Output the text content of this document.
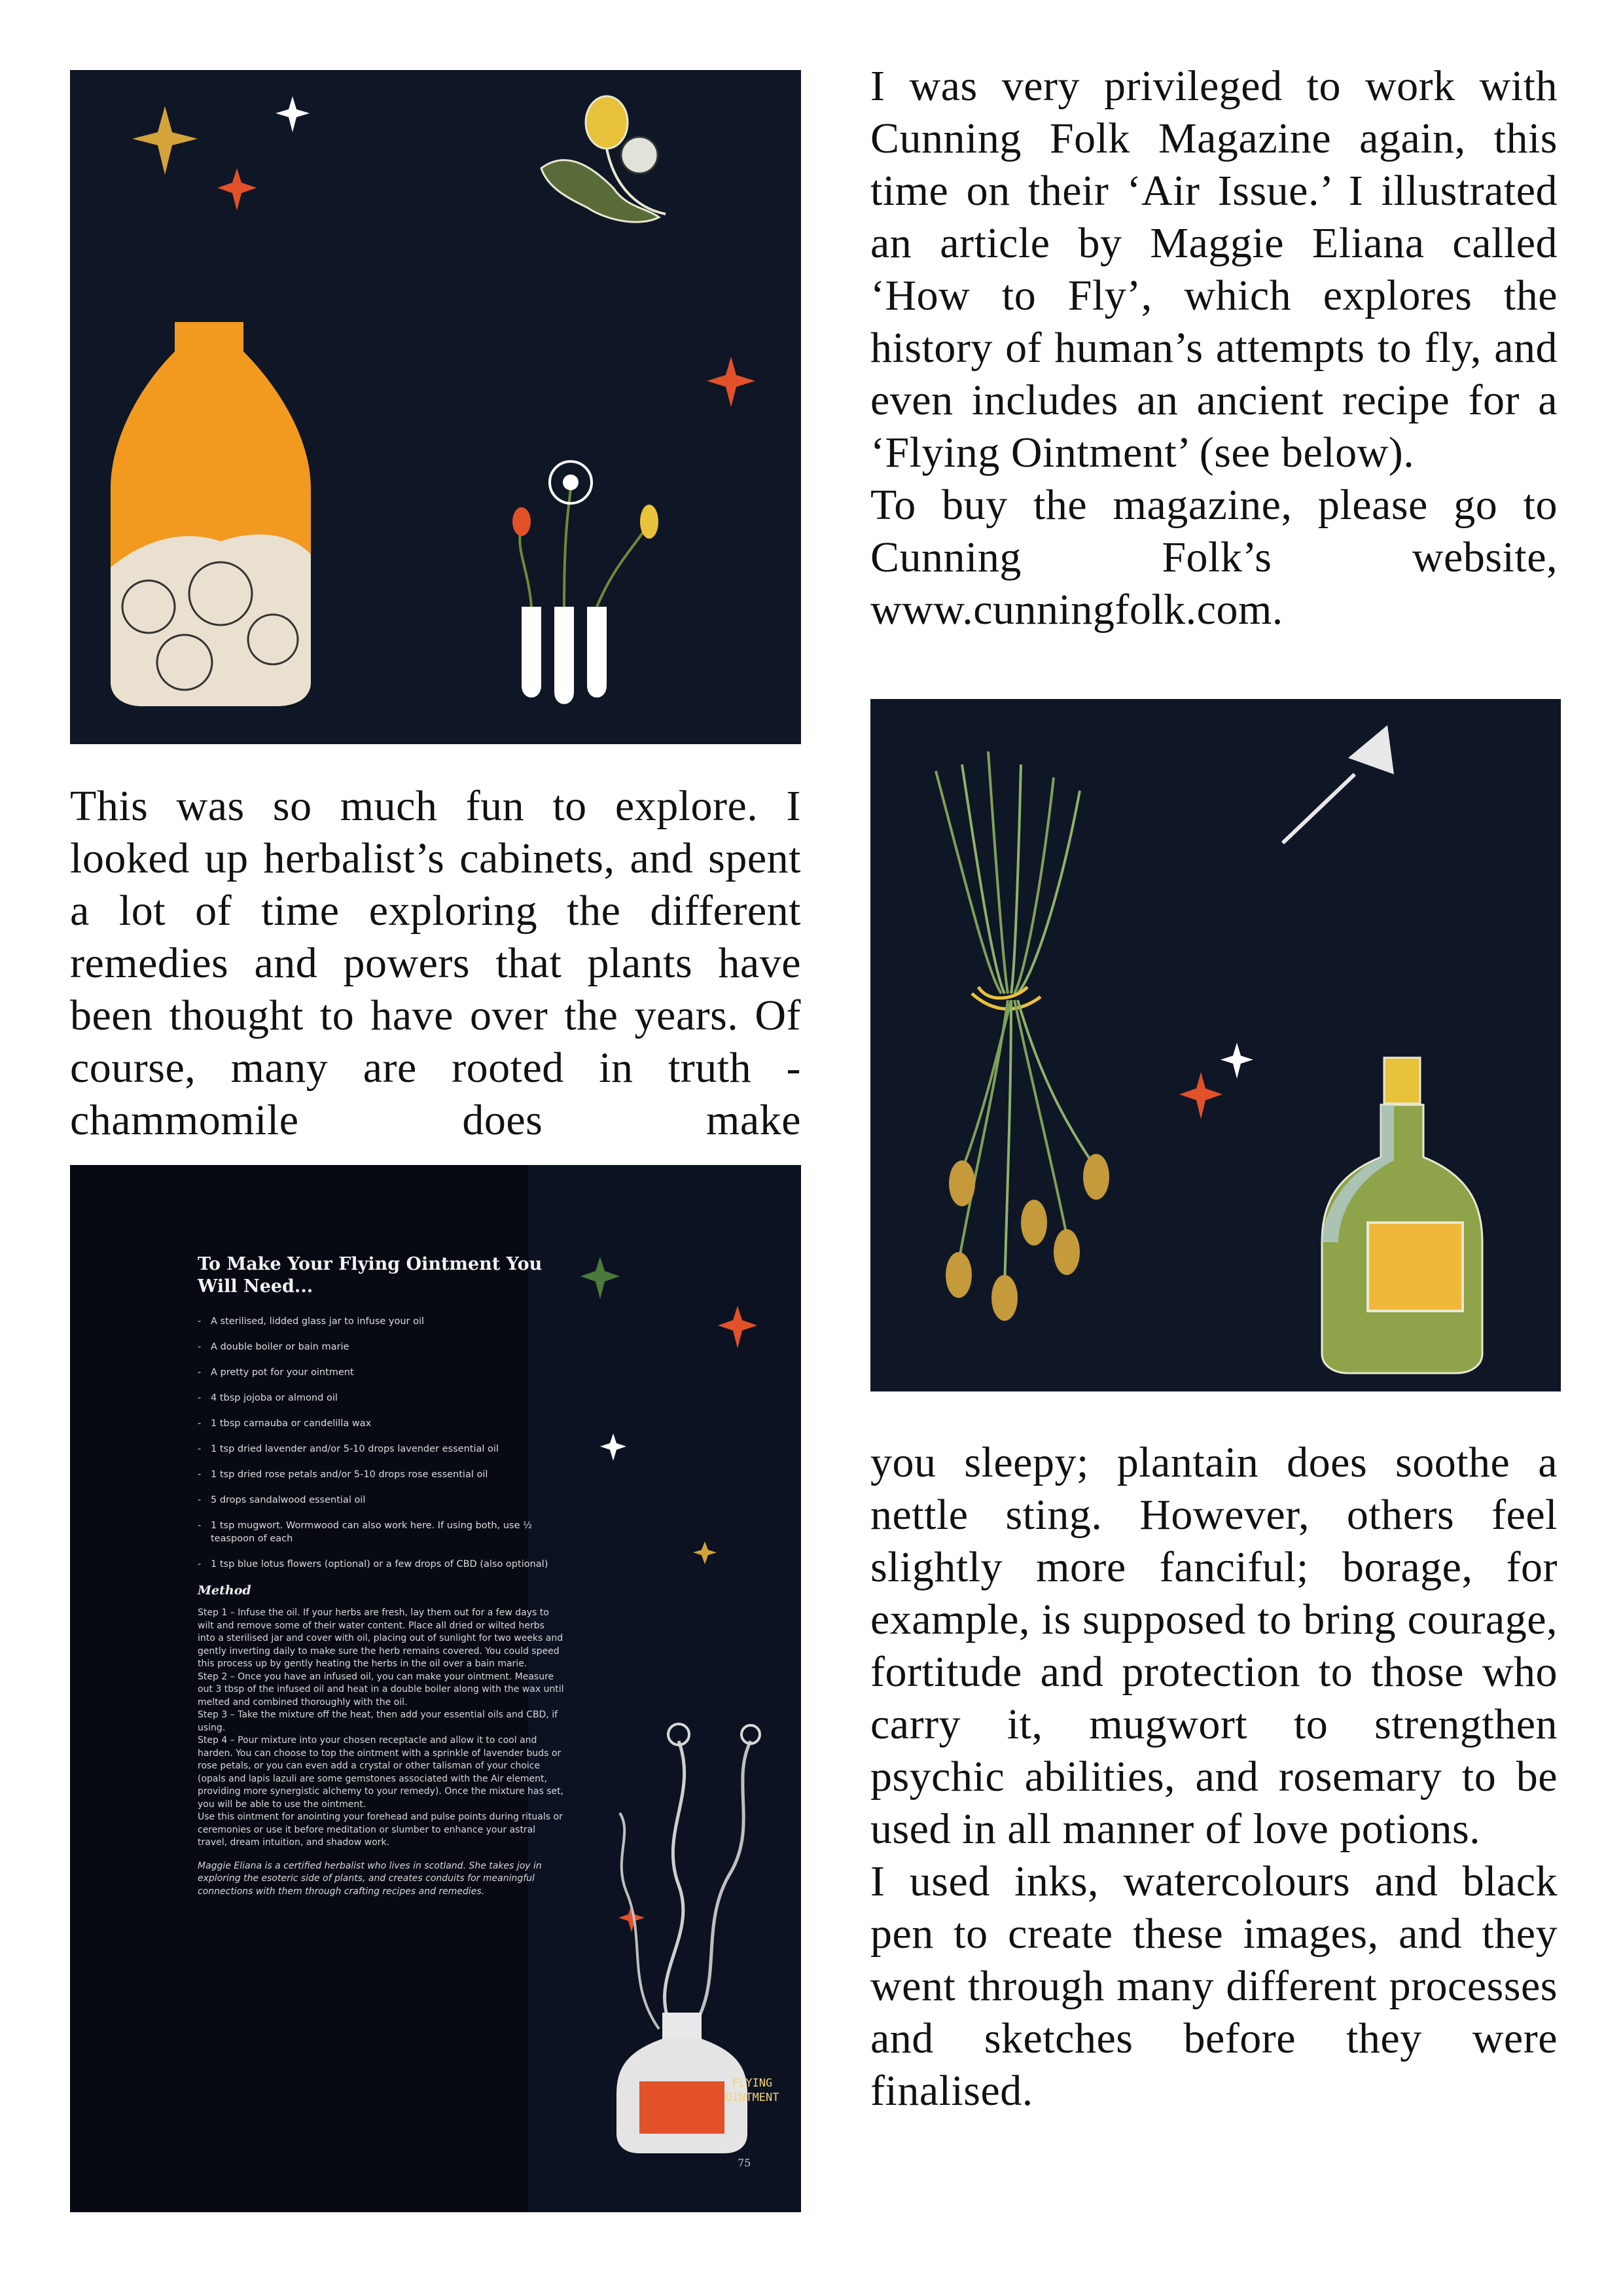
I was very privileged to work with Cunning Folk Magazine again, this time on their ‘Air Issue.’ I illustrated an article by Maggie Eliana called ‘How to Fly’, which explores the history of human’s attempts to fly, and even includes an ancient recipe for a ‘Flying Ointment’ (see below).

To buy the magazine, please go to Cunning Folk’s website, www.cunningfolk.com.

This was so much fun to explore. I looked up herbalist’s cabinets, and spent a lot of time exploring the different remedies and powers that plants have been thought to have over the years. Of course, many are rooted in truth - chammomile does make

To Make Your Flying Ointment You Will Need...
- A sterilised, lidded glass jar to infuse your oil
- A double boiler or bain marie
- A pretty pot for your ointment
- 4 tbsp jojoba or almond oil
- 1 tbsp carnauba or candelilla wax
- 1 tsp dried lavender and/or 5-10 drops lavender essential oil
- 1 tsp dried rose petals and/or 5-10 drops rose essential oil
- 5 drops sandalwood essential oil
- 1 tsp mugwort. Wormwood can also work here. If using both, use ½ teaspoon of each
- 1 tsp blue lotus flowers (optional) or a few drops of CBD (also optional)
Method

Step 1 – Infuse the oil. If your herbs are fresh, lay them out for a few days to wilt and remove some of their water content. Place all dried or wilted herbs into a sterilised jar and cover with oil, placing out of sunlight for two weeks and gently inverting daily to make sure the herb remains covered. You could speed this process up by gently heating the herbs in the oil over a bain marie.
Step 2 – Once you have an infused oil, you can make your ointment. Measure out 3 tbsp of the infused oil and heat in a double boiler along with the wax until melted and combined thoroughly with the oil.
Step 3 – Take the mixture off the heat, then add your essential oils and CBD, if using.
Step 4 – Pour mixture into your chosen receptacle and allow it to cool and harden. You can choose to top the ointment with a sprinkle of lavender buds or rose petals, or you can even add a crystal or other talisman of your choice (opals and lapis lazuli are some gemstones associated with the Air element, providing more synergistic alchemy to your remedy). Once the mixture has set, you will be able to use the ointment.
Use this ointment for anointing your forehead and pulse points during rituals or ceremonies or use it before meditation or slumber to enhance your astral travel, dream intuition, and shadow work.

Maggie Eliana is a certified herbalist who lives in scotland. She takes joy in exploring the esoteric side of plants, and creates conduits for meaningful connections with them through crafting recipes and remedies.

FLYING OINTMENT
75

you sleepy; plantain does soothe a nettle sting. However, others feel slightly more fanciful; borage, for example, is supposed to bring courage, fortitude and protection to those who carry it, mugwort to strengthen psychic abilities, and rosemary to be used in all manner of love potions.

I used inks, watercolours and black pen to create these images, and they went through many different processes and sketches before they were finalised.
